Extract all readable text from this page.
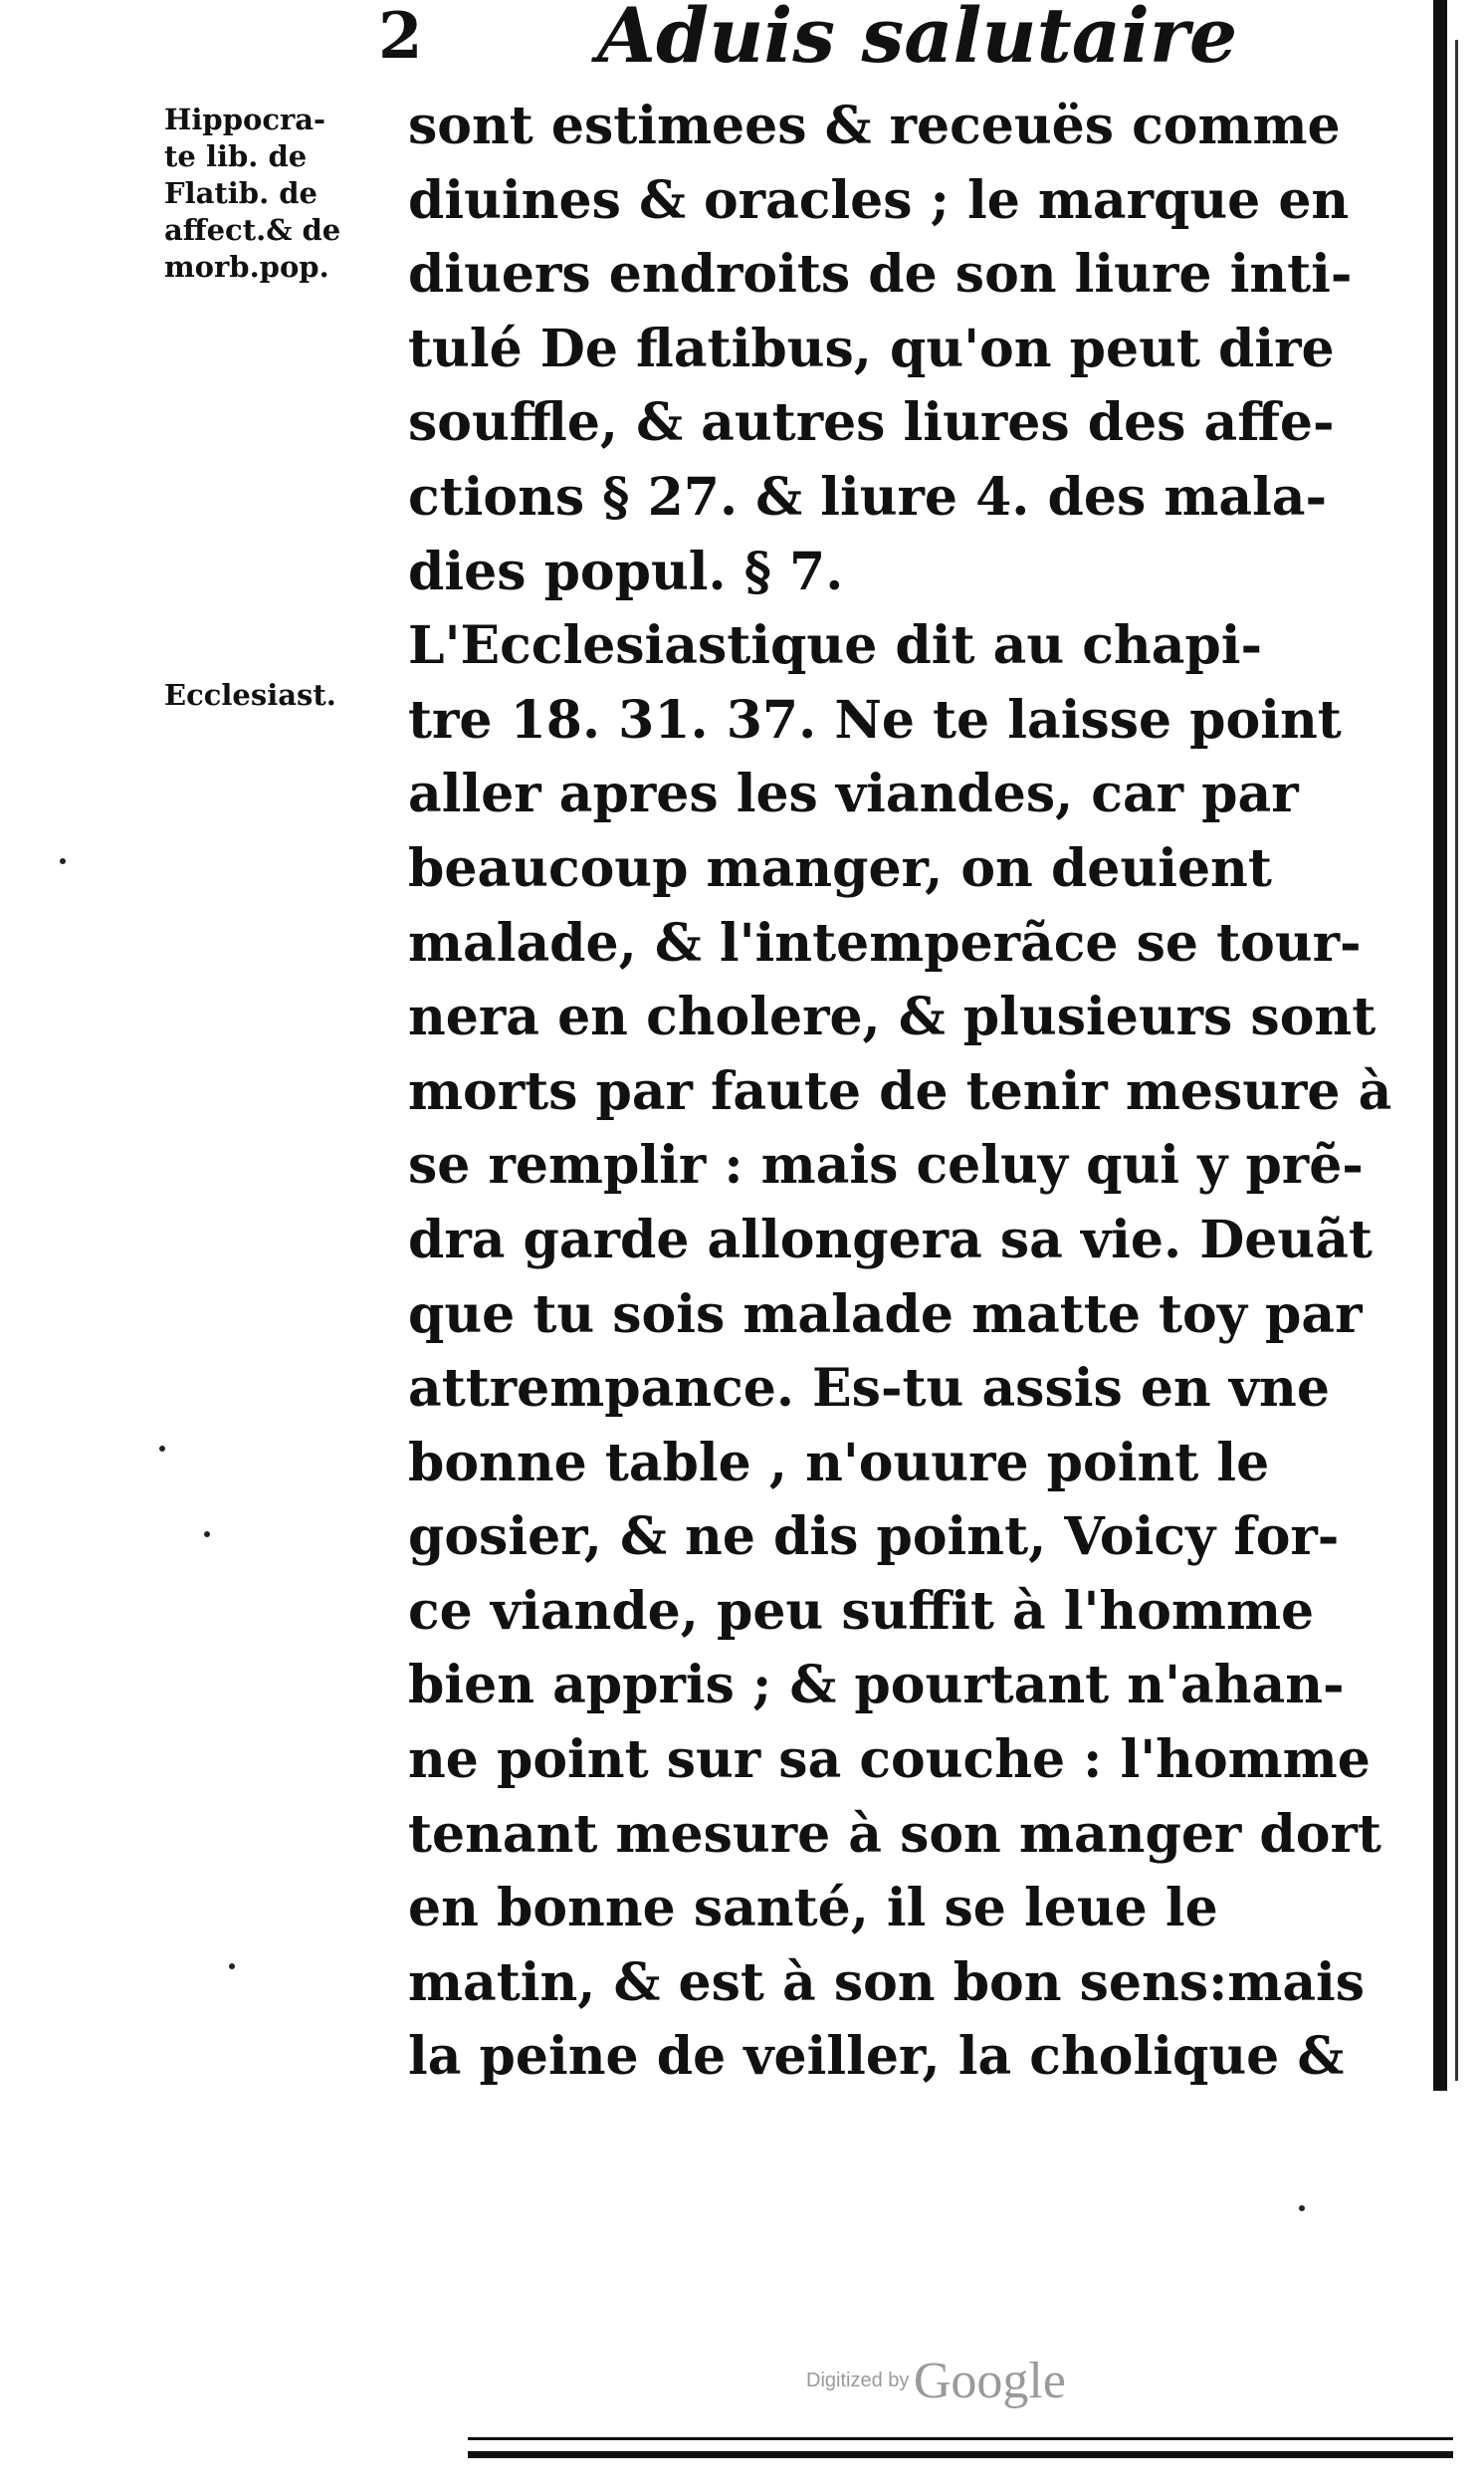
2 Aduis salutaire
Hippocra-
te lib. de
Flatib. de
affect.& de
morb.pop.
Ecclesiast.
sont estimees & receuës comme
diuines & oracles ; le marque en
diuers endroits de son liure inti-
tulé De flatibus, qu'on peut dire
souffle, & autres liures des affe-
ctions § 27. & liure 4. des mala-
dies popul. § 7.
L'Ecclesiastique dit au chapi-
tre 18. 31. 37. Ne te laisse point
aller apres les viandes, car par
beaucoup manger, on deuient
malade, & l'intemperãce se tour-
nera en cholere, & plusieurs sont
morts par faute de tenir mesure à
se remplir : mais celuy qui y prẽ-
dra garde allongera sa vie. Deuãt
que tu sois malade matte toy par
attrempance. Es-tu assis en vne
bonne table , n'ouure point le
gosier, & ne dis point, Voicy for-
ce viande, peu suffit à l'homme
bien appris ; & pourtant n'ahan-
ne point sur sa couche : l'homme
tenant mesure à son manger dort
en bonne santé, il se leue le
matin, & est à son bon sens:mais
la peine de veiller, la cholique &
Digitized by Google
